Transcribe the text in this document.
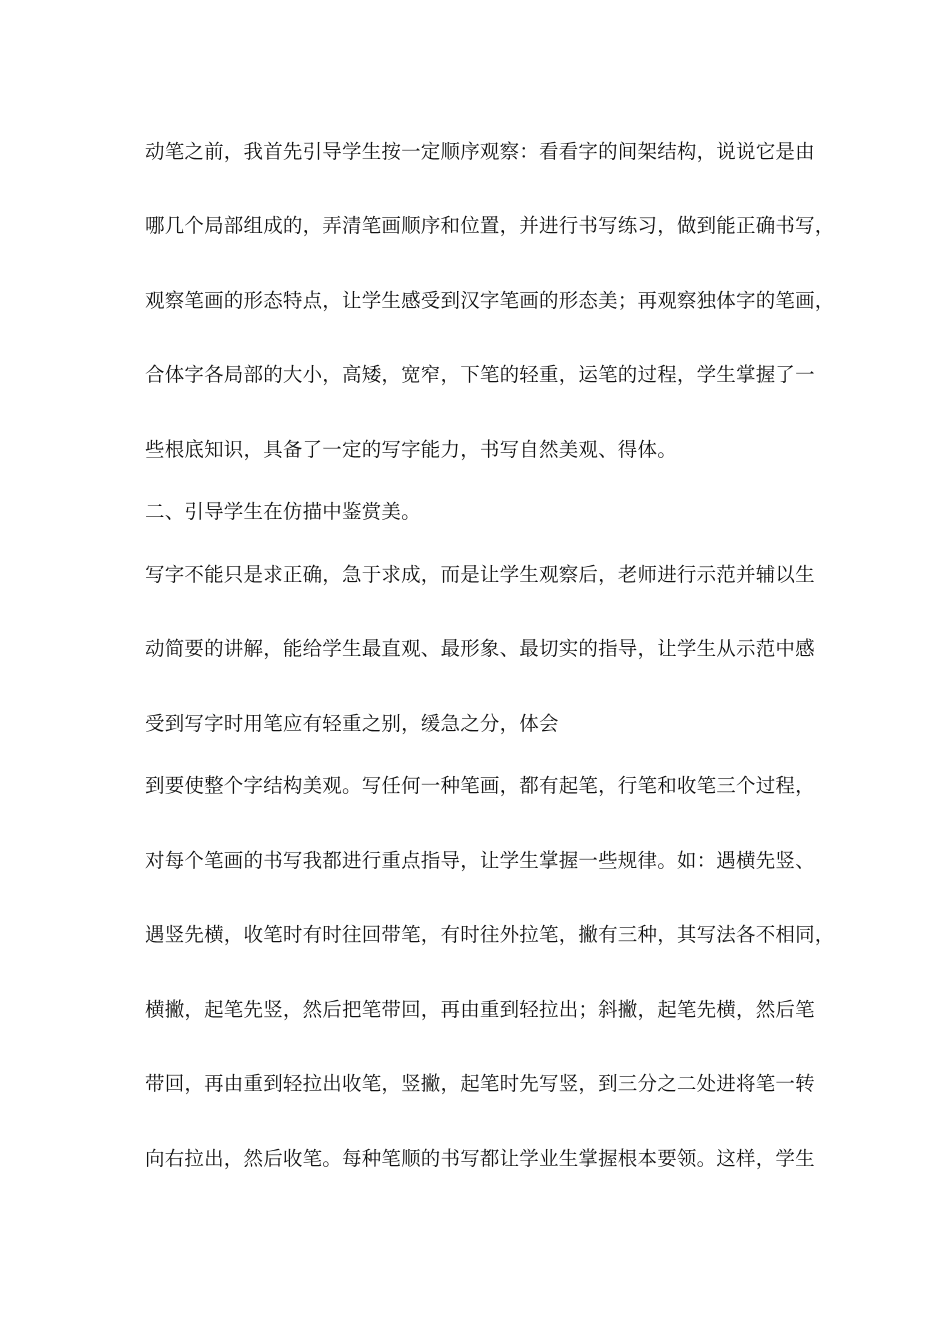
动笔之前，我首先引导学生按一定顺序观察：看看字的间架结构，说说它是由
哪几个局部组成的，弄清笔画顺序和位置，并进行书写练习，做到能正确书写，
观察笔画的形态特点，让学生感受到汉字笔画的形态美；再观察独体字的笔画，
合体字各局部的大小，高矮，宽窄，下笔的轻重，运笔的过程，学生掌握了一
些根底知识，具备了一定的写字能力，书写自然美观、得体。
二、引导学生在仿描中鉴赏美。
写字不能只是求正确，急于求成，而是让学生观察后，老师进行示范并辅以生
动简要的讲解，能给学生最直观、最形象、最切实的指导，让学生从示范中感
受到写字时用笔应有轻重之别，缓急之分，体会
到要使整个字结构美观。写任何一种笔画，都有起笔，行笔和收笔三个过程，
对每个笔画的书写我都进行重点指导，让学生掌握一些规律。如：遇横先竖、
遇竖先横，收笔时有时往回带笔，有时往外拉笔，撇有三种，其写法各不相同，
横撇，起笔先竖，然后把笔带回，再由重到轻拉出；斜撇，起笔先横，然后笔
带回，再由重到轻拉出收笔，竖撇，起笔时先写竖，到三分之二处进将笔一转
向右拉出，然后收笔。每种笔顺的书写都让学业生掌握根本要领。这样，学生
